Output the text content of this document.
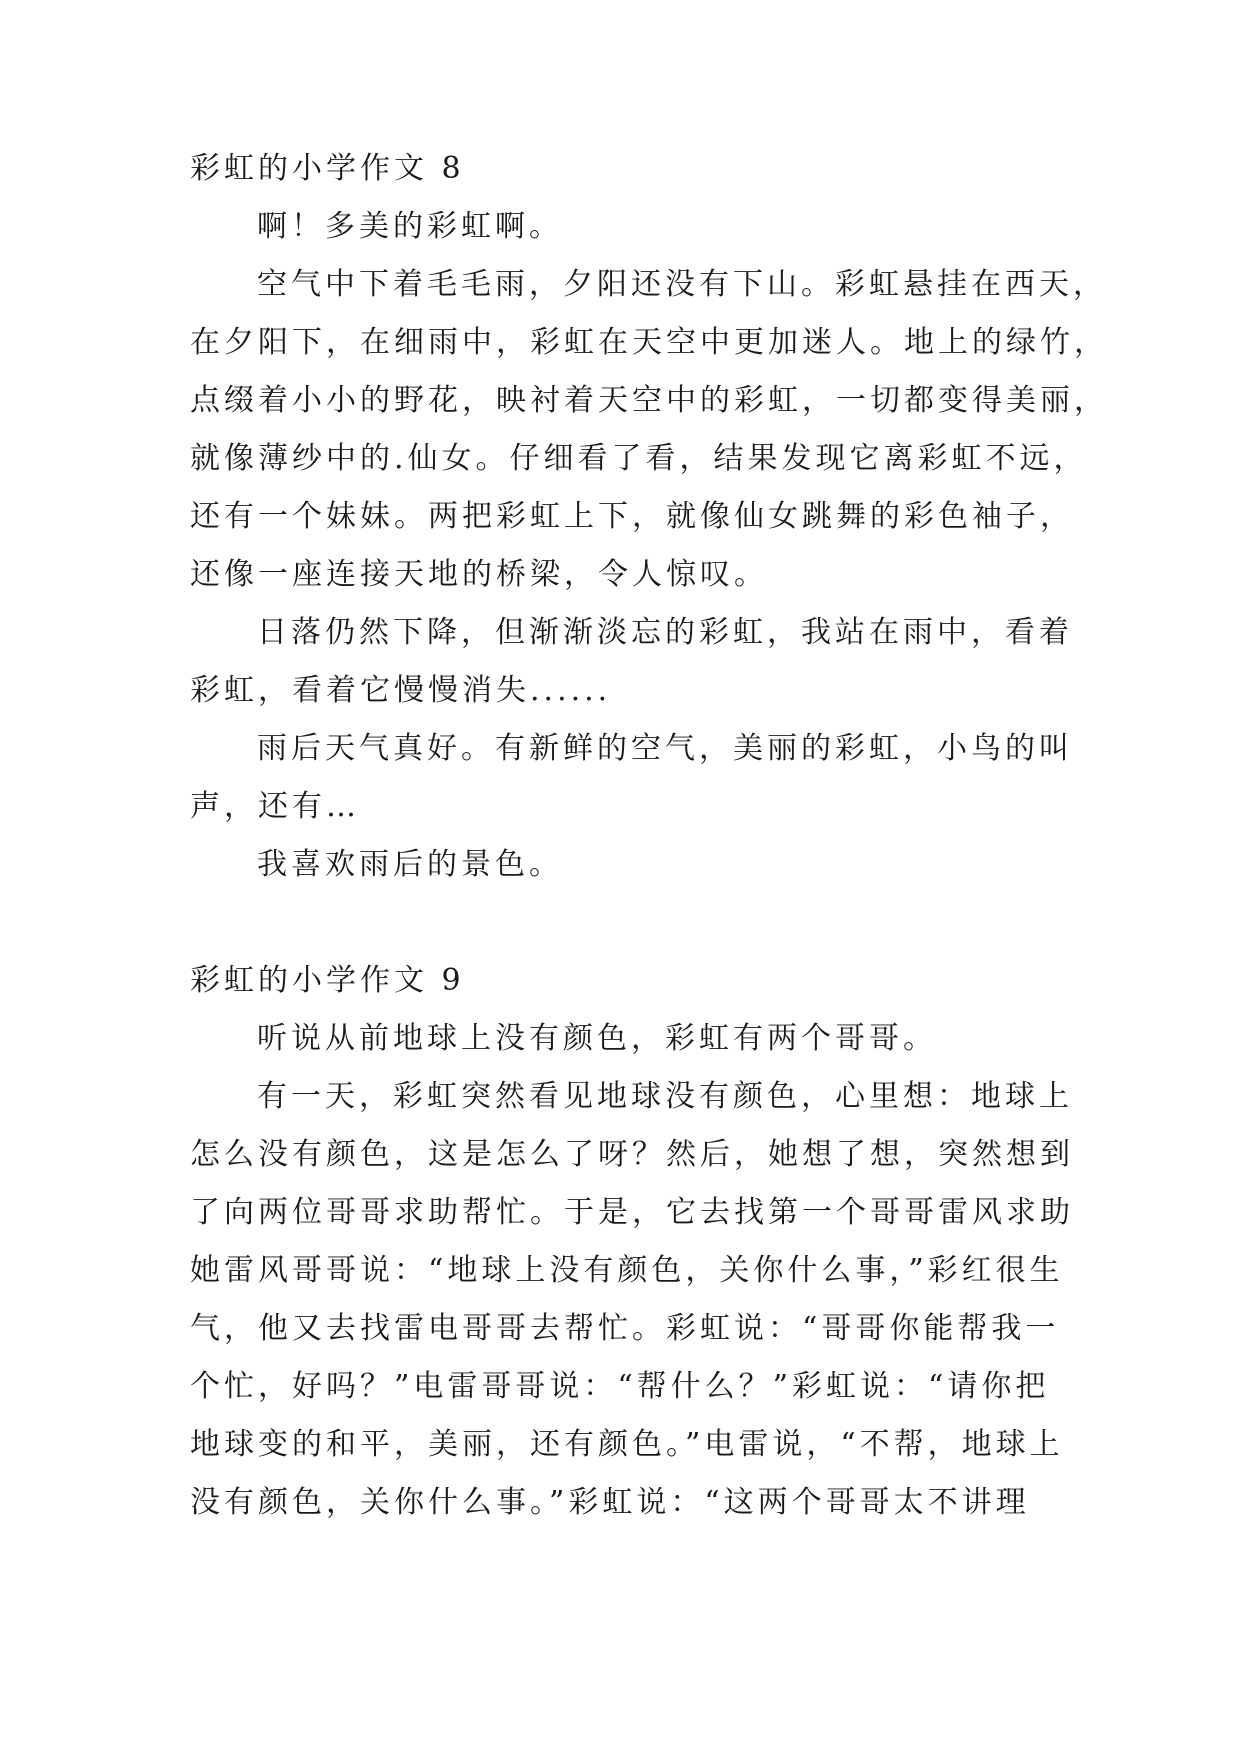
彩虹的小学作文 8
啊！多美的彩虹啊。
空气中下着毛毛雨，夕阳还没有下山。彩虹悬挂在西天，
在夕阳下，在细雨中，彩虹在天空中更加迷人。地上的绿竹，
点缀着小小的野花，映衬着天空中的彩虹，一切都变得美丽，
就像薄纱中的.仙女。仔细看了看，结果发现它离彩虹不远，
还有一个妹妹。两把彩虹上下，就像仙女跳舞的彩色袖子，
还像一座连接天地的桥梁，令人惊叹。
日落仍然下降，但渐渐淡忘的彩虹，我站在雨中，看着
彩虹，看着它慢慢消失......
雨后天气真好。有新鲜的空气，美丽的彩虹，小鸟的叫
声，还有…
我喜欢雨后的景色。
彩虹的小学作文 9
听说从前地球上没有颜色，彩虹有两个哥哥。
有一天，彩虹突然看见地球没有颜色，心里想：地球上
怎么没有颜色，这是怎么了呀？然后，她想了想，突然想到
了向两位哥哥求助帮忙。于是，它去找第一个哥哥雷风求助
她雷风哥哥说：“地球上没有颜色，关你什么事，”彩红很生
气，他又去找雷电哥哥去帮忙。彩虹说：“哥哥你能帮我一
个忙，好吗？”电雷哥哥说：“帮什么？”彩虹说：“请你把
地球变的和平，美丽，还有颜色。”电雷说，“不帮，地球上
没有颜色，关你什么事。”彩虹说：“这两个哥哥太不讲理
